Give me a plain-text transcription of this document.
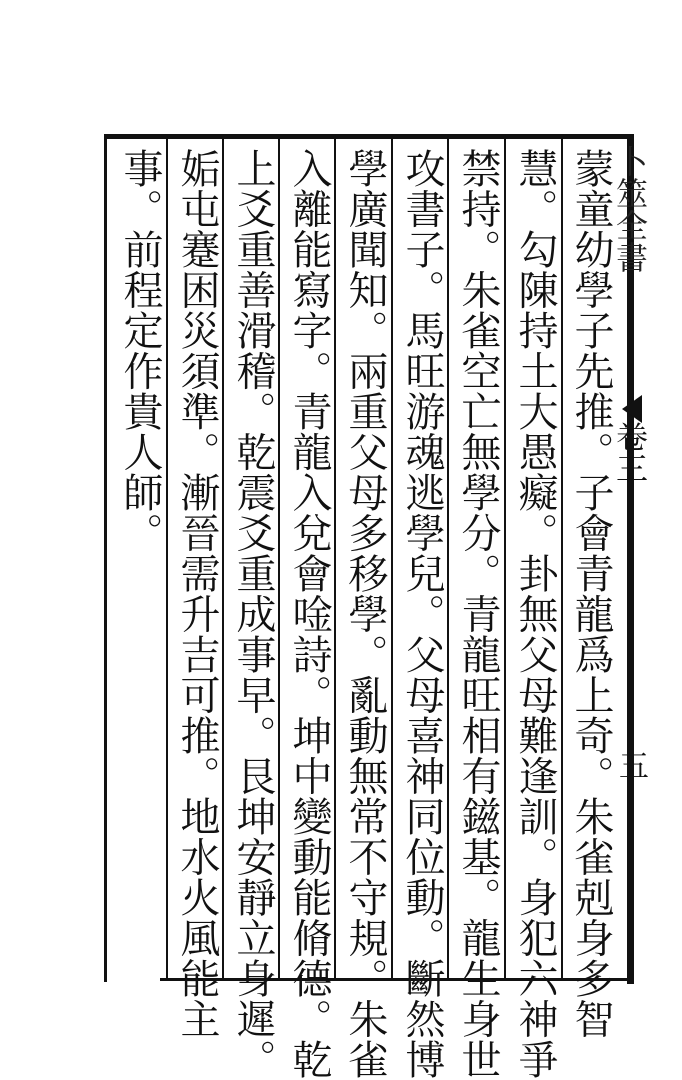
卜筮全書
卷三
五
蒙童幼學子先推。子會青龍爲上奇。朱雀剋身多智
慧。勾陳持土大愚癡。卦無父母難逢訓。身犯六神爭
禁持。朱雀空亡無學分。青龍旺相有鎡基。龍生身世
攻書子。馬旺游魂逃學兒。父母喜神同位動。斷然博
學廣聞知。兩重父母多移學。亂動無常不守規。朱雀
入離能寫字。青龍入兌會唫詩。坤中變動能脩德。乾
上爻重善滑稽。乾震爻重成事早。艮坤安靜立身遲。
姤屯蹇困災須準。漸晉需升吉可推。地水火風能主
事。前程定作貴人師。
